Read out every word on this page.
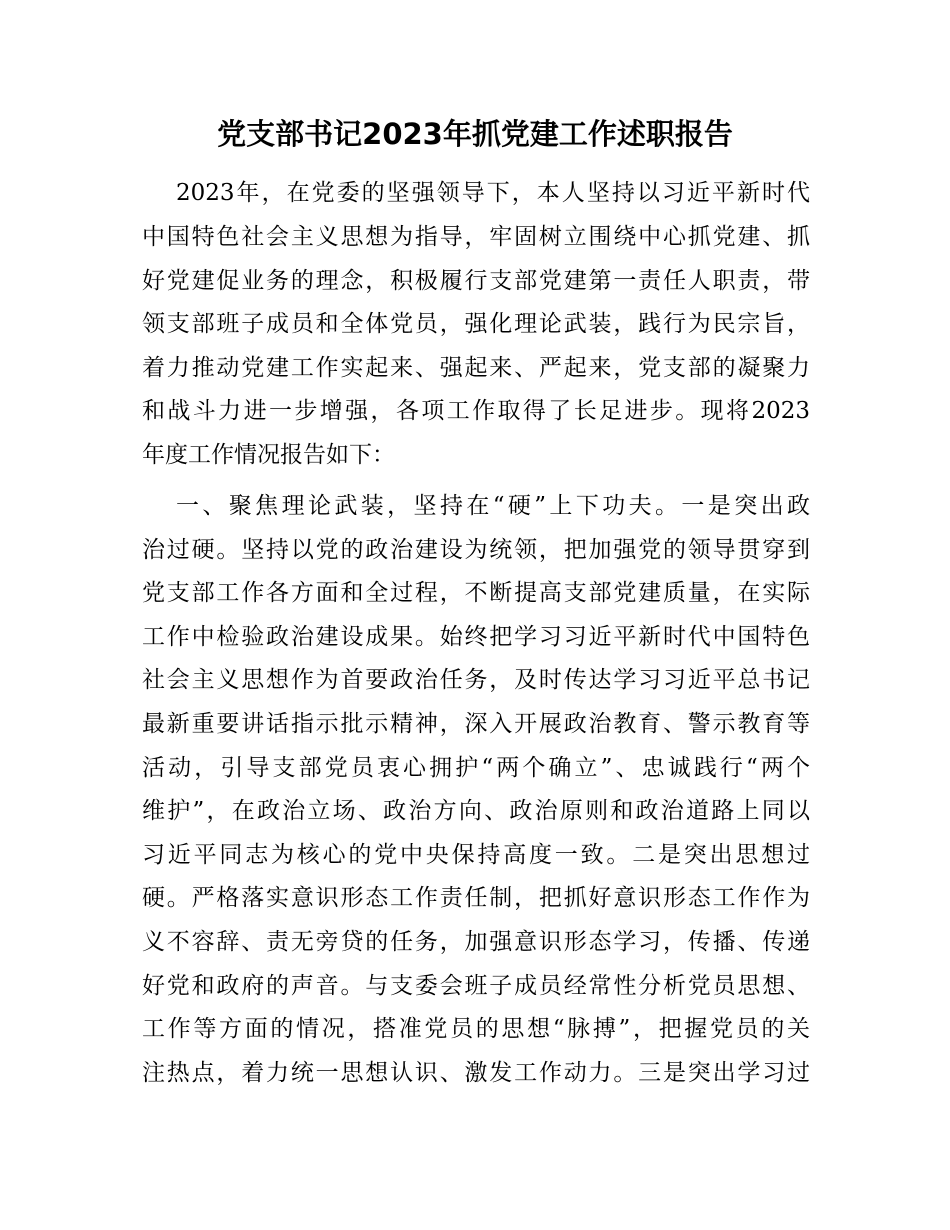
党支部书记2023年抓党建工作述职报告
2023年，在党委的坚强领导下，本人坚持以习近平新时代
中国特色社会主义思想为指导，牢固树立围绕中心抓党建、抓
好党建促业务的理念，积极履行支部党建第一责任人职责，带
领支部班子成员和全体党员，强化理论武装，践行为民宗旨，
着力推动党建工作实起来、强起来、严起来，党支部的凝聚力
和战斗力进一步增强，各项工作取得了长足进步。现将2023
年度工作情况报告如下：
一、聚焦理论武装，坚持在“硬”上下功夫。一是突出政
治过硬。坚持以党的政治建设为统领，把加强党的领导贯穿到
党支部工作各方面和全过程，不断提高支部党建质量，在实际
工作中检验政治建设成果。始终把学习习近平新时代中国特色
社会主义思想作为首要政治任务，及时传达学习习近平总书记
最新重要讲话指示批示精神，深入开展政治教育、警示教育等
活动，引导支部党员衷心拥护“两个确立”、忠诚践行“两个
维护”，在政治立场、政治方向、政治原则和政治道路上同以
习近平同志为核心的党中央保持高度一致。二是突出思想过
硬。严格落实意识形态工作责任制，把抓好意识形态工作作为
义不容辞、责无旁贷的任务，加强意识形态学习，传播、传递
好党和政府的声音。与支委会班子成员经常性分析党员思想、
工作等方面的情况，搭准党员的思想“脉搏”，把握党员的关
注热点，着力统一思想认识、激发工作动力。三是突出学习过
